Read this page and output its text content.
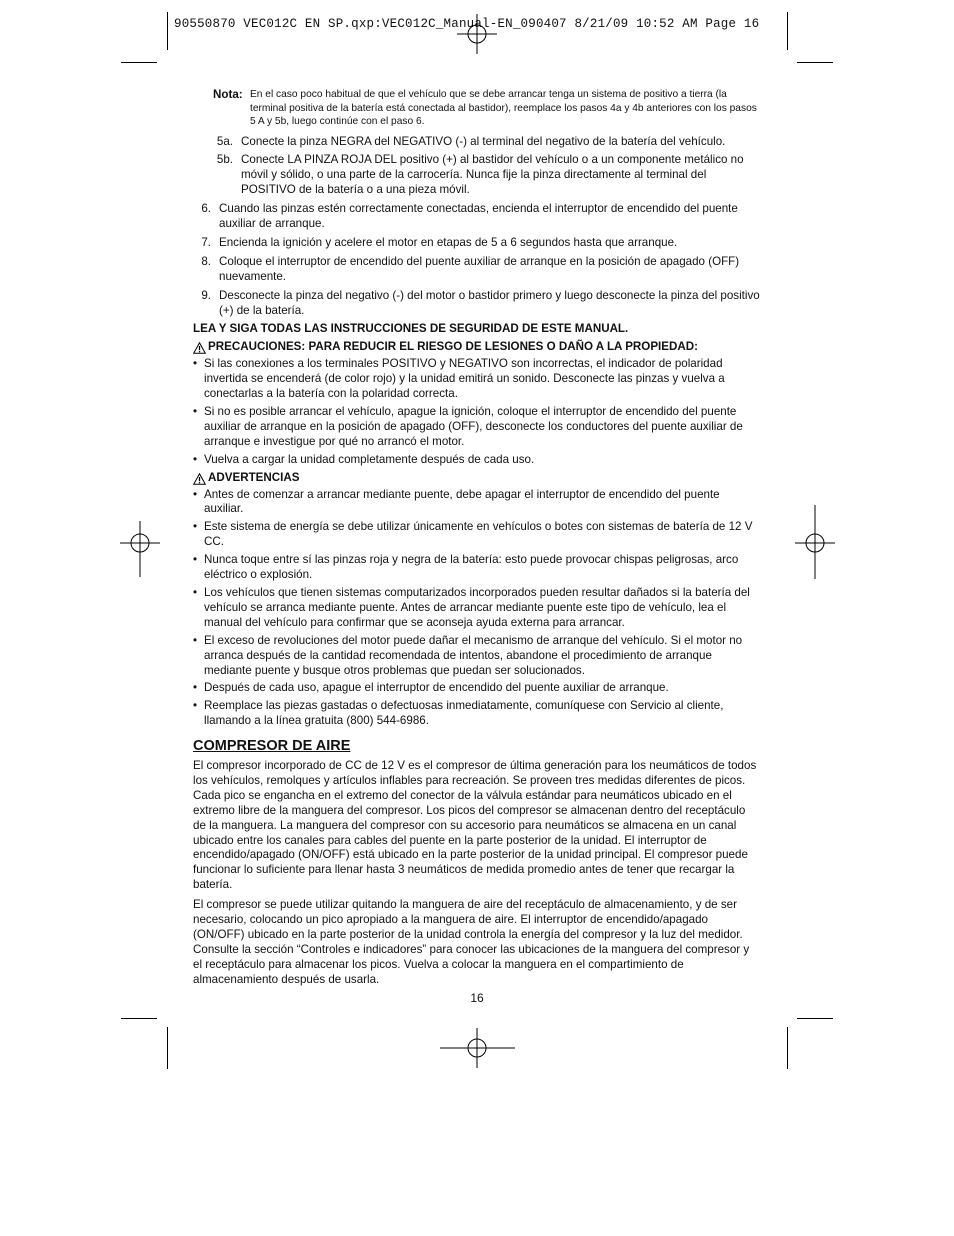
90550870 VEC012C EN SP.qxp:VEC012C_Manual-EN_090407 8/21/09 10:52 AM Page 16
Nota: En el caso poco habitual de que el vehículo que se debe arrancar tenga un sistema de positivo a tierra (la terminal positiva de la batería está conectada al bastidor), reemplace los pasos 4a y 4b anteriores con los pasos 5 A y 5b, luego continúe con el paso 6.
5a. Conecte la pinza NEGRA del NEGATIVO (-) al terminal del negativo de la batería del vehículo.
5b. Conecte LA PINZA ROJA DEL positivo (+) al bastidor del vehículo o a un componente metálico no móvil y sólido, o una parte de la carrocería. Nunca fije la pinza directamente al terminal del POSITIVO de la batería o a una pieza móvil.
6. Cuando las pinzas estén correctamente conectadas, encienda el interruptor de encendido del puente auxiliar de arranque.
7. Encienda la ignición y acelere el motor en etapas de 5 a 6 segundos hasta que arranque.
8. Coloque el interruptor de encendido del puente auxiliar de arranque en la posición de apagado (OFF) nuevamente.
9. Desconecte la pinza del negativo (-) del motor o bastidor primero y luego desconecte la pinza del positivo (+) de la batería.
LEA Y SIGA TODAS LAS INSTRUCCIONES DE SEGURIDAD DE ESTE MANUAL.
PRECAUCIONES: PARA REDUCIR EL RIESGO DE LESIONES O DAÑO A LA PROPIEDAD:
• Si las conexiones a los terminales POSITIVO y NEGATIVO son incorrectas, el indicador de polaridad invertida se encenderá (de color rojo) y la unidad emitirá un sonido. Desconecte las pinzas y vuelva a conectarlas a la batería con la polaridad correcta.
• Si no es posible arrancar el vehículo, apague la ignición, coloque el interruptor de encendido del puente auxiliar de arranque en la posición de apagado (OFF), desconecte los conductores del puente auxiliar de arranque e investigue por qué no arrancó el motor.
• Vuelva a cargar la unidad completamente después de cada uso.
ADVERTENCIAS
• Antes de comenzar a arrancar mediante puente, debe apagar el interruptor de encendido del puente auxiliar.
• Este sistema de energía se debe utilizar únicamente en vehículos o botes con sistemas de batería de 12 V CC.
• Nunca toque entre sí las pinzas roja y negra de la batería: esto puede provocar chispas peligrosas, arco eléctrico o explosión.
• Los vehículos que tienen sistemas computarizados incorporados pueden resultar dañados si la batería del vehículo se arranca mediante puente. Antes de arrancar mediante puente este tipo de vehículo, lea el manual del vehículo para confirmar que se aconseja ayuda externa para arrancar.
• El exceso de revoluciones del motor puede dañar el mecanismo de arranque del vehículo. Si el motor no arranca después de la cantidad recomendada de intentos, abandone el procedimiento de arranque mediante puente y busque otros problemas que puedan ser solucionados.
• Después de cada uso, apague el interruptor de encendido del puente auxiliar de arranque.
• Reemplace las piezas gastadas o defectuosas inmediatamente, comuníquese con Servicio al cliente, llamando a la línea gratuita (800) 544-6986.
COMPRESOR DE AIRE
El compresor incorporado de CC de 12 V es el compresor de última generación para los neumáticos de todos los vehículos, remolques y artículos inflables para recreación. Se proveen tres medidas diferentes de picos. Cada pico se engancha en el extremo del conector de la válvula estándar para neumáticos ubicado en el extremo libre de la manguera del compresor. Los picos del compresor se almacenan dentro del receptáculo de la manguera. La manguera del compresor con su accesorio para neumáticos se almacena en un canal ubicado entre los canales para cables del puente en la parte posterior de la unidad. El interruptor de encendido/apagado (ON/OFF) está ubicado en la parte posterior de la unidad principal. El compresor puede funcionar lo suficiente para llenar hasta 3 neumáticos de medida promedio antes de tener que recargar la batería.
El compresor se puede utilizar quitando la manguera de aire del receptáculo de almacenamiento, y de ser necesario, colocando un pico apropiado a la manguera de aire. El interruptor de encendido/apagado (ON/OFF) ubicado en la parte posterior de la unidad controla la energía del compresor y la luz del medidor. Consulte la sección “Controles e indicadores” para conocer las ubicaciones de la manguera del compresor y el receptáculo para almacenar los picos. Vuelva a colocar la manguera en el compartimiento de almacenamiento después de usarla.
16
